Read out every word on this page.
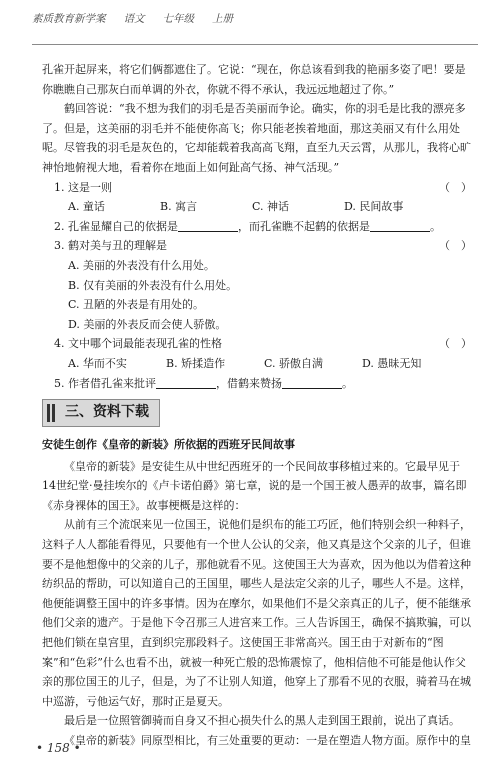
素质教育新学案 语文 七年级 上册

孔雀开起屏来，将它们俩都遮住了。它说：“现在，你总该看到我的艳丽多姿了吧！要是你瞧瞧自己那灰白而单调的外衣，你就不得不承认，我远远地超过了你。”

鹤回答说：“我不想为我们的羽毛是否美丽而争论。确实，你的羽毛是比我的漂亮多了。但是，这美丽的羽毛并不能使你高飞；你只能老挨着地面，那这美丽又有什么用处呢。尽管我的羽毛是灰色的，它却能载着我高高飞翔，直至九天云霄，从那儿，我将心旷神怡地俯视大地，看着你在地面上如何趾高气扬、神气活现。”

1. 这是一则	（　）
A. 童话	B. 寓言	C. 神话	D. 民间故事
2. 孔雀显耀自己的依据是	，而孔雀瞧不起鹤的依据是	。
3. 鹤对美与丑的理解是	（　）

A. 美丽的外表没有什么用处。

B. 仅有美丽的外表没有什么用处。

C. 丑陋的外表是有用处的。

D. 美丽的外表反而会使人骄傲。

4. 文中哪个词最能表现孔雀的性格	（　）
A. 华而不实	B. 矫揉造作	C. 骄傲自满	D. 愚昧无知
5. 作者借孔雀来批评	，借鹤来赞扬	。
三、资料下载

安徒生创作《皇帝的新装》所依据的西班牙民间故事

《皇帝的新装》是安徒生从中世纪西班牙的一个民间故事移植过来的。它最早见于14世纪堂·曼挂埃尔的《卢卡诺伯爵》第七章，说的是一个国王被人愚弄的故事，篇名即《赤身裸体的国王》。故事梗概是这样的：

从前有三个流氓来见一位国王，说他们是织布的能工巧匠，他们特别会织一种料子，这料子人人都能看得见，只要他有一个世人公认的父亲，他又真是这个父亲的儿子，但谁要不是他想像中的父亲的儿子，那他就看不见。这使国王大为喜欢，因为他以为借着这种纺织品的帮助，可以知道自己的王国里，哪些人是法定父亲的儿子，哪些人不是。这样，他便能调整王国中的许多事情。因为在摩尔，如果他们不是父亲真正的儿子，便不能继承他们父亲的遗产。于是他下令召那三人进宫来工作。三人告诉国王，确保不搞欺骗，可以把他们锁在皇宫里，直到织完那段料子。这使国王非常高兴。国王由于对新布的“图案”和“色彩”什么也看不出，就被一种死亡般的恐怖震惊了，他相信他不可能是他认作父亲的那位国王的儿子，但是，为了不让别人知道，他穿上了那看不见的衣服，骑着马在城中巡游，亏他运气好，那时正是夏天。

最后是一位照管御骑而自身又不担心损失什么的黑人走到国王跟前，说出了真话。

《皇帝的新装》同原型相比，有三处重要的更动：一是在塑造人物方面。原作中的皇

• 158 •
